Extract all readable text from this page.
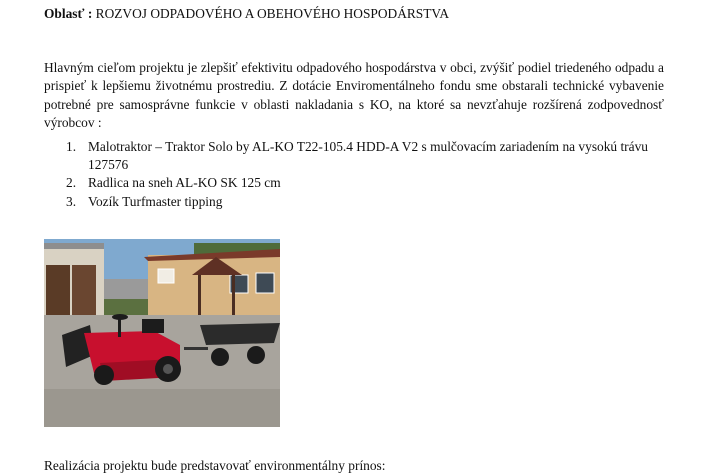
Oblasť : ROZVOJ ODPADOVÉHO A OBEHOVÉHO HOSPODÁRSTVA
Hlavným cieľom projektu je zlepšiť efektivitu odpadového hospodárstva v obci, zvýšiť podiel triedeného odpadu a
prispieť k lepšiemu životnému prostrediu. Z dotácie Enviromentálneho fondu sme obstarali technické vybavenie
potrebné pre samosprávne funkcie v oblasti nakladania s KO, na ktoré sa nevzťahuje rozšírená zodpovednosť
výrobcov :
1. Malotraktor – Traktor Solo by AL-KO T22-105.4 HDD-A V2 s mulčovacím zariadením na vysokú trávu
127576
2. Radlica na sneh AL-KO SK 125 cm
3. Vozík Turfmaster tipping
Realizácia projektu bude predstavovať environmentálny prínos:
